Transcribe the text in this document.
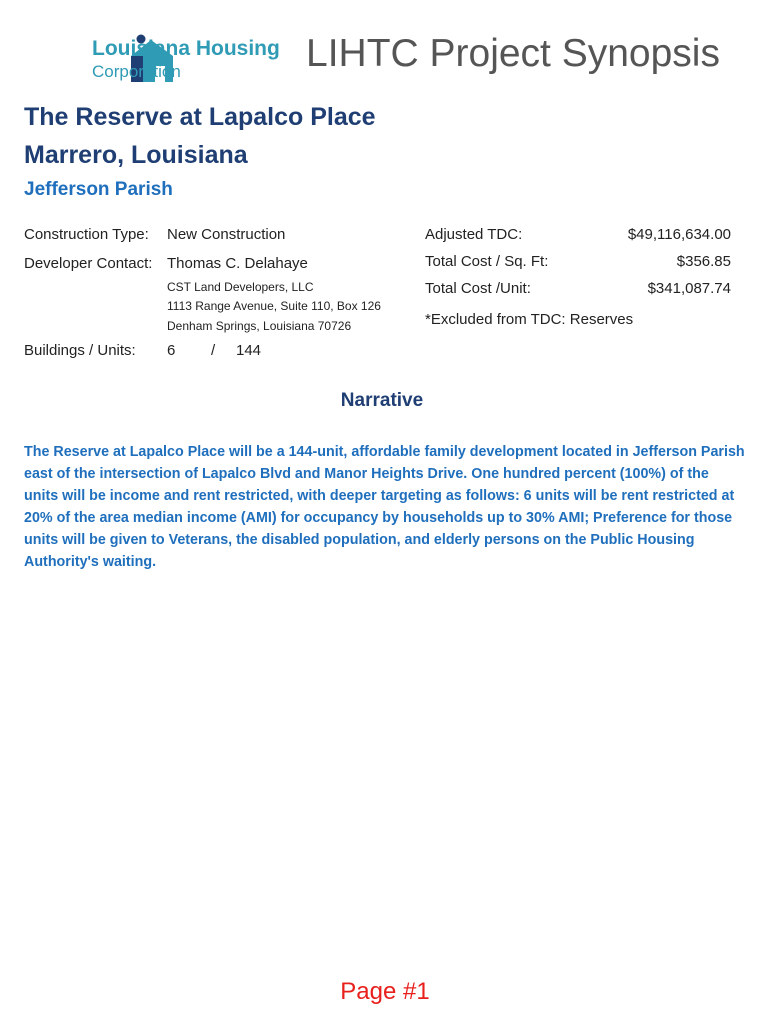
Louisiana Housing
Corporation	LIHTC Project Synopsis
The Reserve at Lapalco Place
Marrero, Louisiana
Jefferson Parish
Construction Type: New Construction
Developer Contact: Thomas C. Delahaye
CST Land Developers, LLC
1113 Range Avenue, Suite 110, Box 126
Denham Springs, Louisiana 70726
Buildings / Units: 6 / 144
Adjusted TDC:	$49,116,634.00
Total Cost / Sq. Ft:	$356.85
Total Cost /Unit:	$341,087.74
*Excluded from TDC: Reserves
Narrative
The Reserve at Lapalco Place will be a 144-unit, affordable family development located in Jefferson Parish east of the intersection of Lapalco Blvd and Manor Heights Drive. One hundred percent (100%) of the units will be income and rent restricted, with deeper targeting as follows: 6 units will be rent restricted at 20% of the area median income (AMI) for occupancy by households up to 30% AMI; Preference for those units will be given to Veterans, the disabled population, and elderly persons on the Public Housing Authority's waiting.
Page #1
